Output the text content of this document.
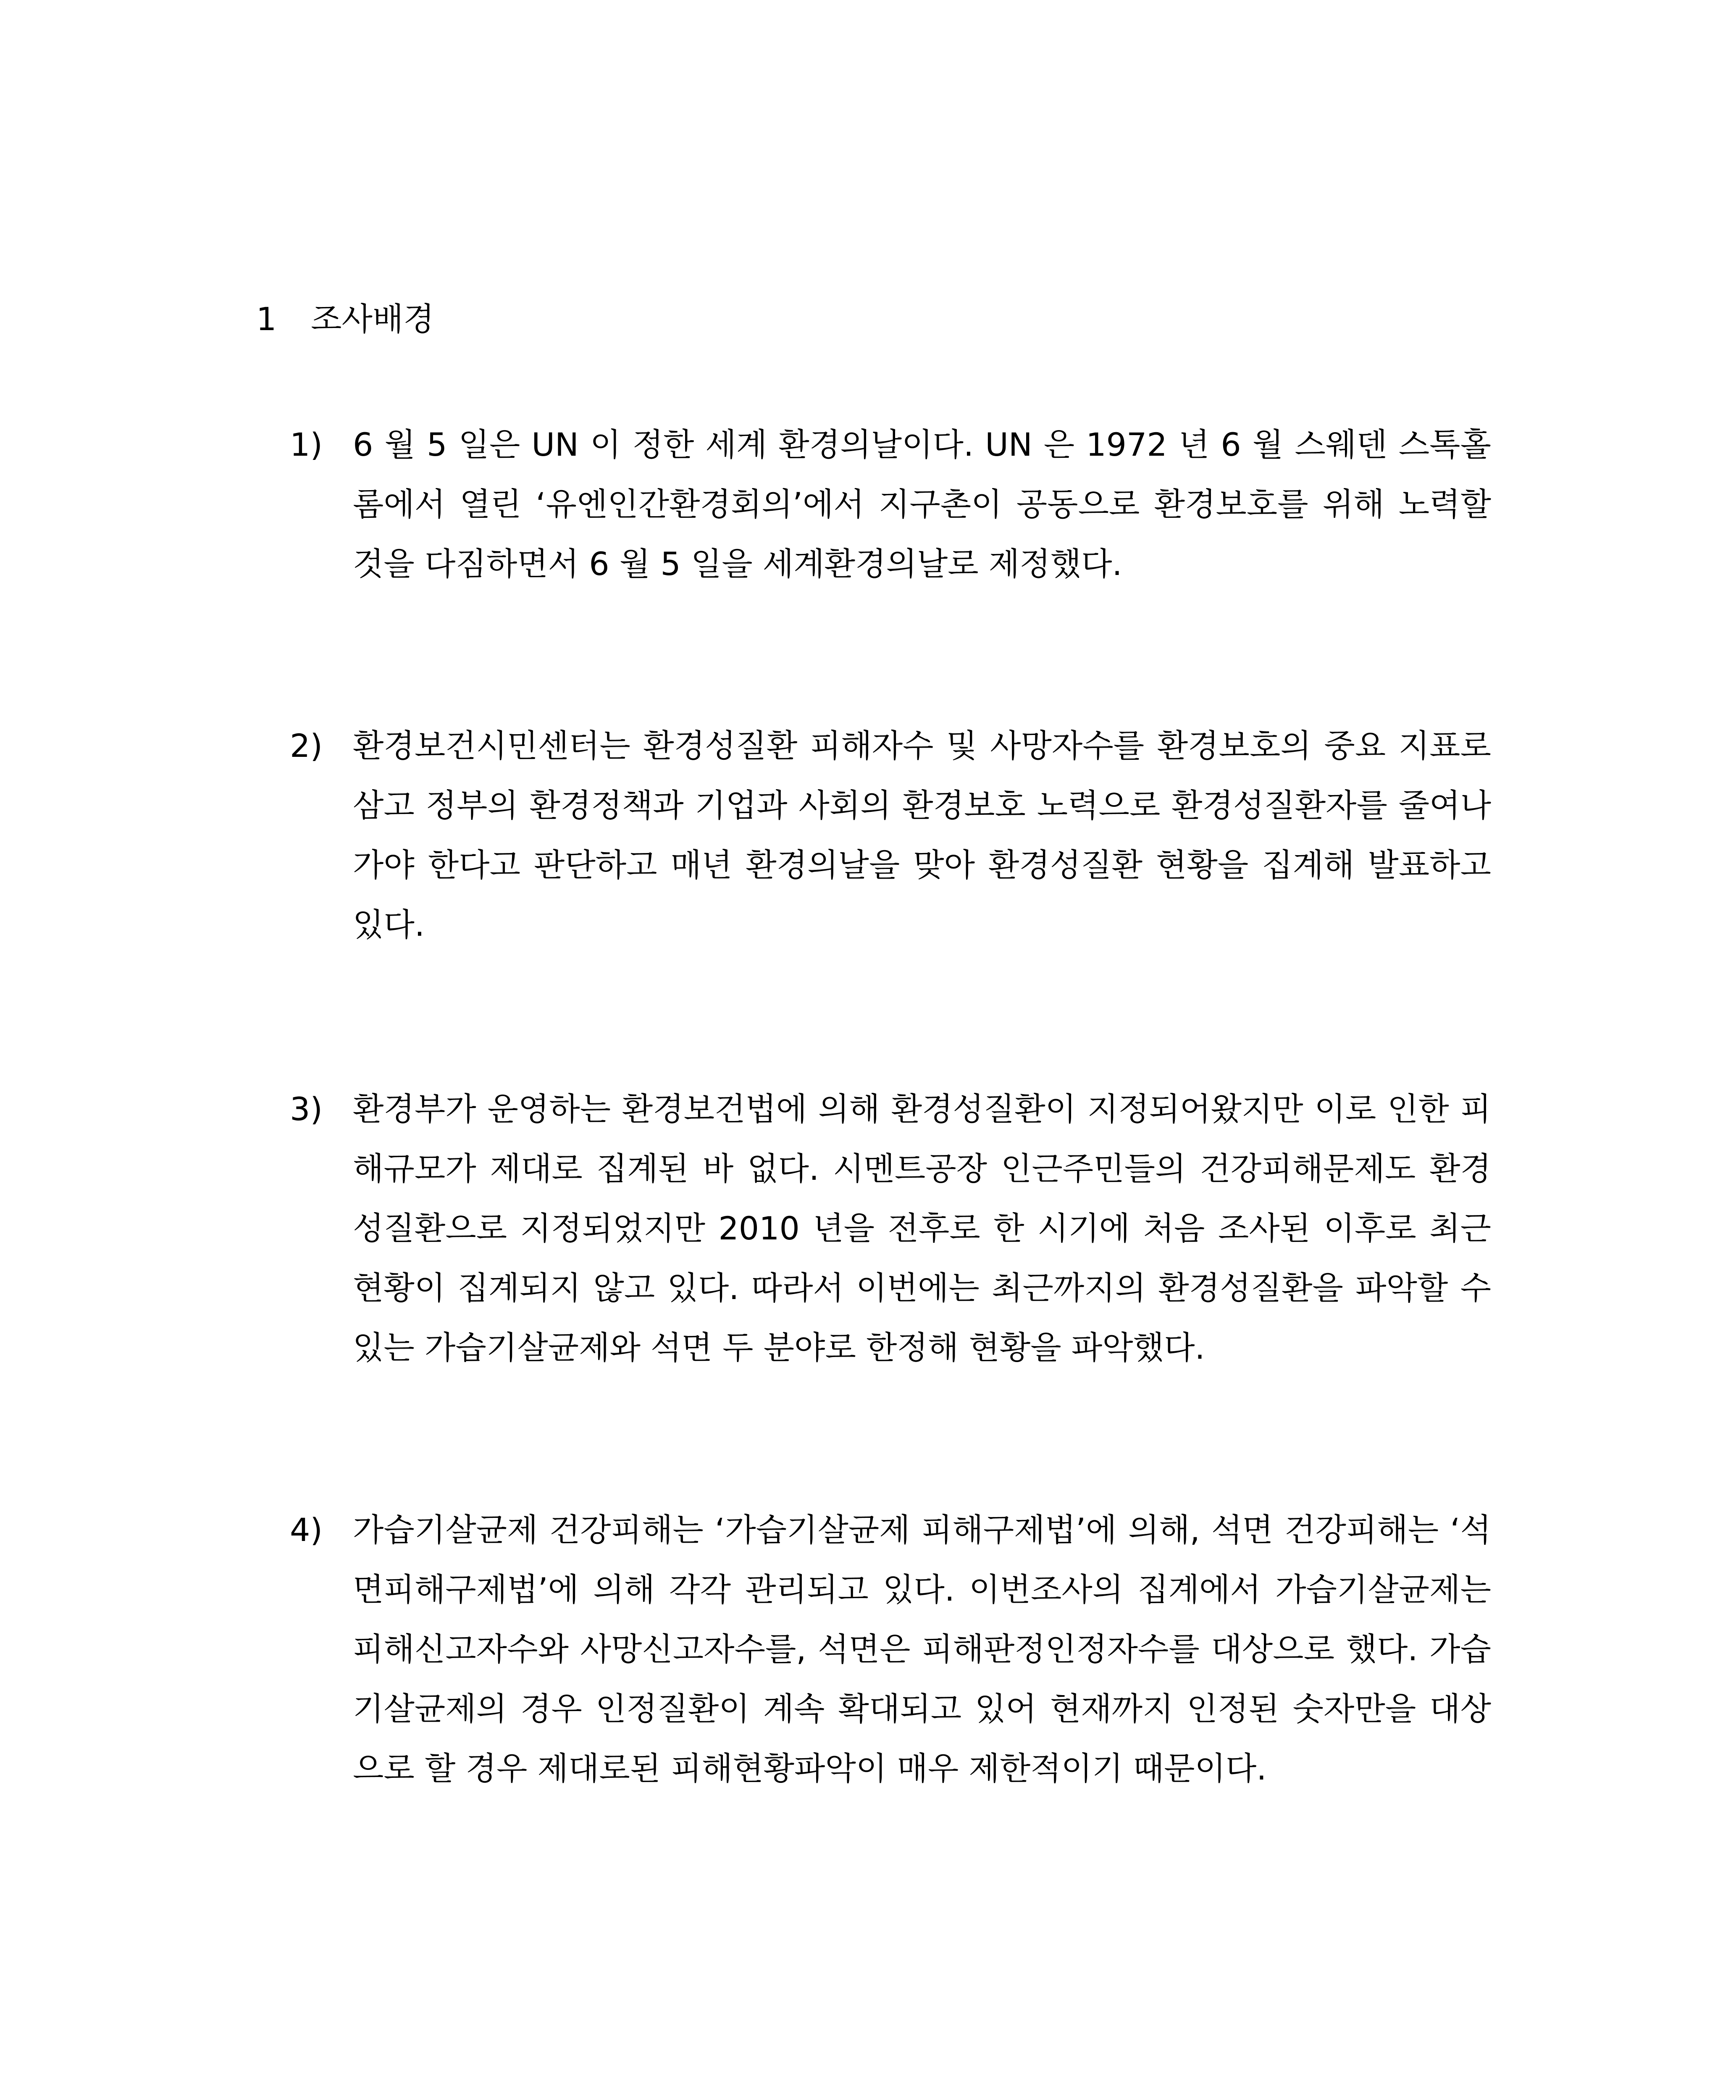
1 조사배경
1) 6 월 5 일은 UN 이 정한 세계 환경의날이다. UN 은 1972 년 6 월 스웨덴 스톡홀롬에서 열린 ‘유엔인간환경회의’에서 지구촌이 공동으로 환경보호를 위해 노력할것을 다짐하면서 6 월 5 일을 세계환경의날로 제정했다.
2) 환경보건시민센터는 환경성질환 피해자수 및 사망자수를 환경보호의 중요 지표로 삼고 정부의 환경정책과 기업과 사회의 환경보호 노력으로 환경성질환자를 줄여나가야 한다고 판단하고 매년 환경의날을 맞아 환경성질환 현황을 집계해 발표하고 있다.
3) 환경부가 운영하는 환경보건법에 의해 환경성질환이 지정되어왔지만 이로 인한 피해규모가 제대로 집계된 바 없다. 시멘트공장 인근주민들의 건강피해문제도 환경성질환으로 지정되었지만 2010 년을 전후로 한 시기에 처음 조사된 이후로 최근 현황이 집계되지 않고 있다. 따라서 이번에는 최근까지의 환경성질환을 파악할 수 있는 가습기살균제와 석면 두 분야로 한정해 현황을 파악했다.
4) 가습기살균제 건강피해는 ‘가습기살균제 피해구제법’에 의해, 석면 건강피해는 ‘석면피해구제법’에 의해 각각 관리되고 있다. 이번조사의 집계에서 가습기살균제는 피해신고자수와 사망신고자수를, 석면은 피해판정인정자수를 대상으로 했다. 가습기살균제의 경우 인정질환이 계속 확대되고 있어 현재까지 인정된 숫자만을 대상으로 할 경우 제대로된 피해현황파악이 매우 제한적이기 때문이다.
